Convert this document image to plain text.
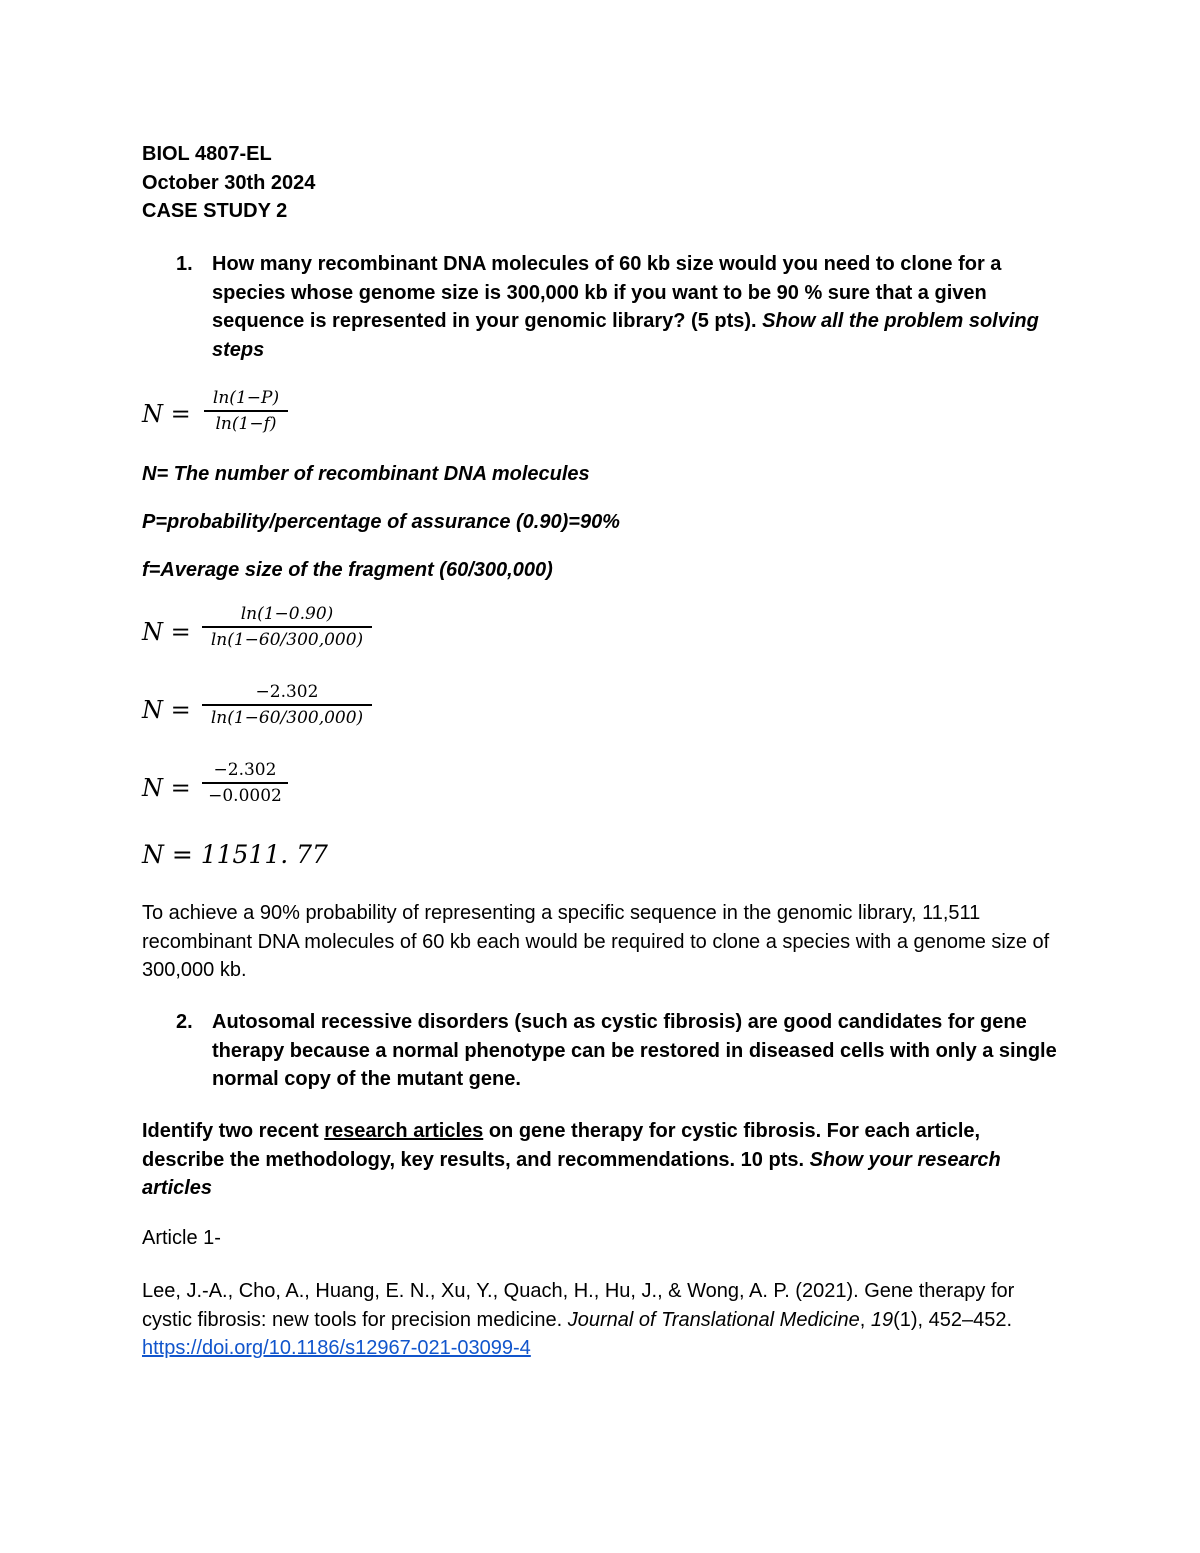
BIOL 4807-EL
October 30th 2024
CASE STUDY 2
1. How many recombinant DNA molecules of 60 kb size would you need to clone for a species whose genome size is 300,000 kb if you want to be 90 % sure that a given sequence is represented in your genomic library? (5 pts). Show all the problem solving steps
$N = \frac{\ln(1-P)}{\ln(1-f)}$
N= The number of recombinant DNA molecules
P=probability/percentage of assurance (0.90)=90%
f=Average size of the fragment (60/300,000)
$N = \frac{\ln(1-0.90)}{\ln(1-60/300,000)}$
$N = \frac{-2.302}{\ln(1-60/300,000)}$
$N = \frac{-2.302}{-0.0002}$
N = 11511. 77
To achieve a 90% probability of representing a specific sequence in the genomic library, 11,511 recombinant DNA molecules of 60 kb each would be required to clone a species with a genome size of 300,000 kb.
2. Autosomal recessive disorders (such as cystic fibrosis) are good candidates for gene therapy because a normal phenotype can be restored in diseased cells with only a single normal copy of the mutant gene.
Identify two recent research articles on gene therapy for cystic fibrosis. For each article, describe the methodology, key results, and recommendations. 10 pts. Show your research articles
Article 1-
Lee, J.-A., Cho, A., Huang, E. N., Xu, Y., Quach, H., Hu, J., & Wong, A. P. (2021). Gene therapy for cystic fibrosis: new tools for precision medicine. Journal of Translational Medicine, 19(1), 452–452. https://doi.org/10.1186/s12967-021-03099-4
